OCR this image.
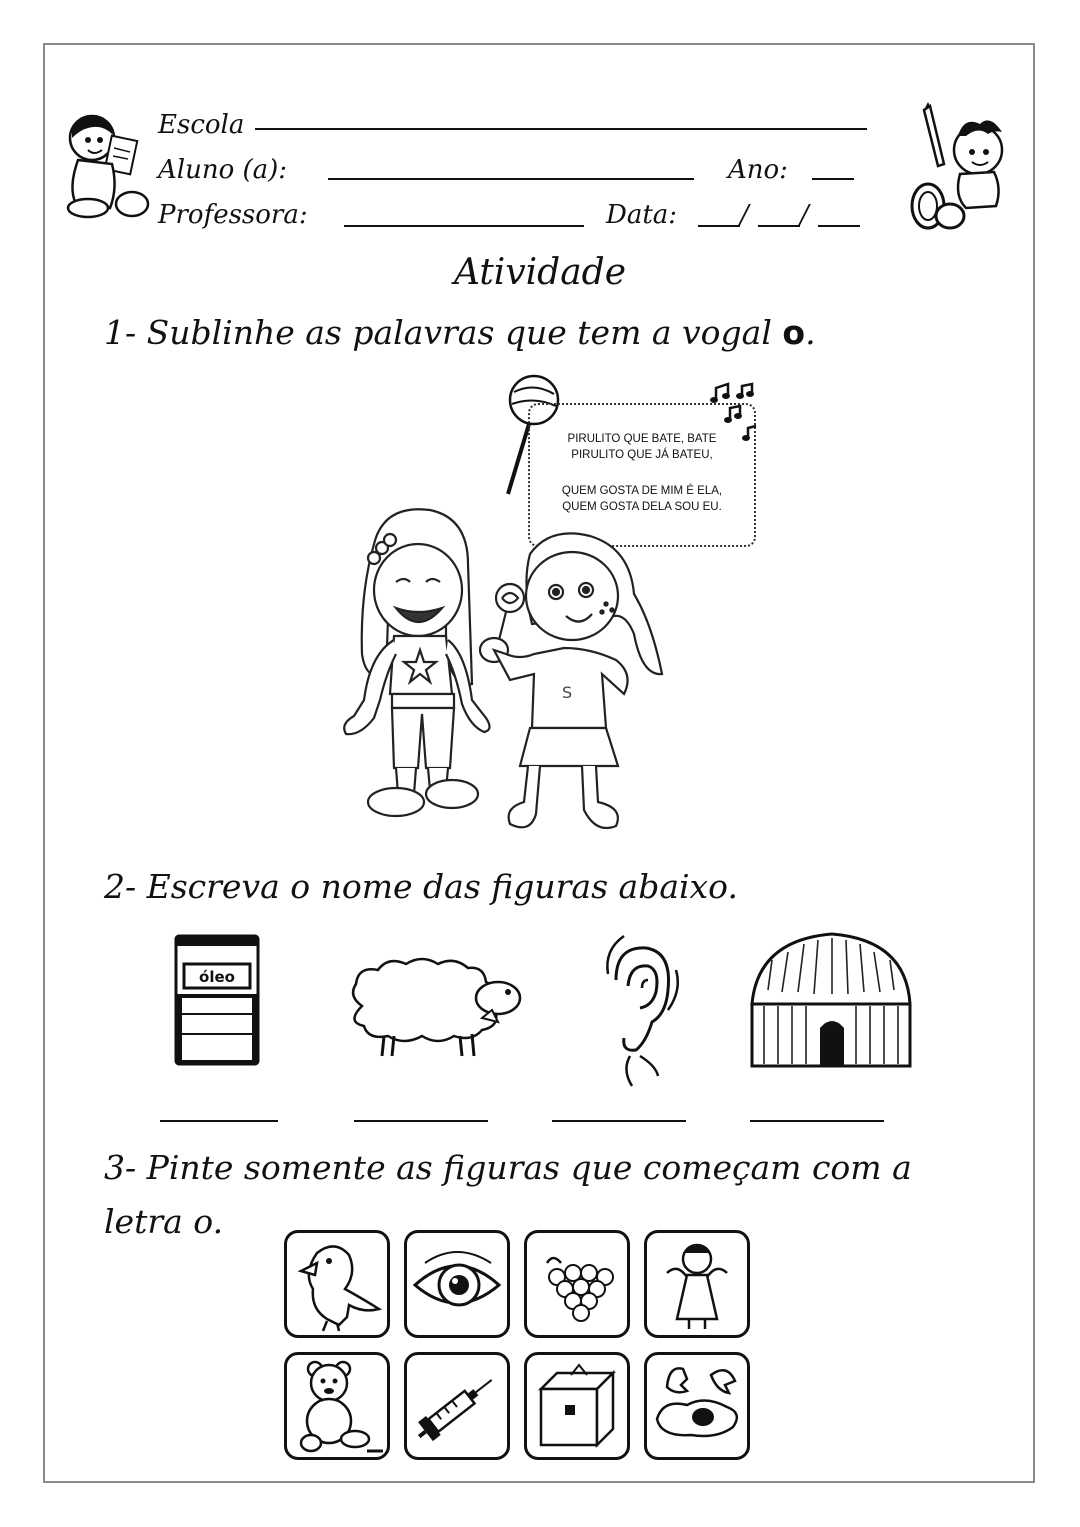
Escola
Aluno (a):	Ano:
Professora:	Data: / /
Atividade
1- Sublinhe as palavras que tem a vogal o.
PIRULITO QUE BATE, BATE
PIRULITO QUE JÁ BATEU,
QUEM GOSTA DE MIM É ELA,
QUEM GOSTA DELA SOU EU.
S
2- Escreva o nome das figuras abaixo.
óleo
3- Pinte somente as figuras que começam com a
letra o.
